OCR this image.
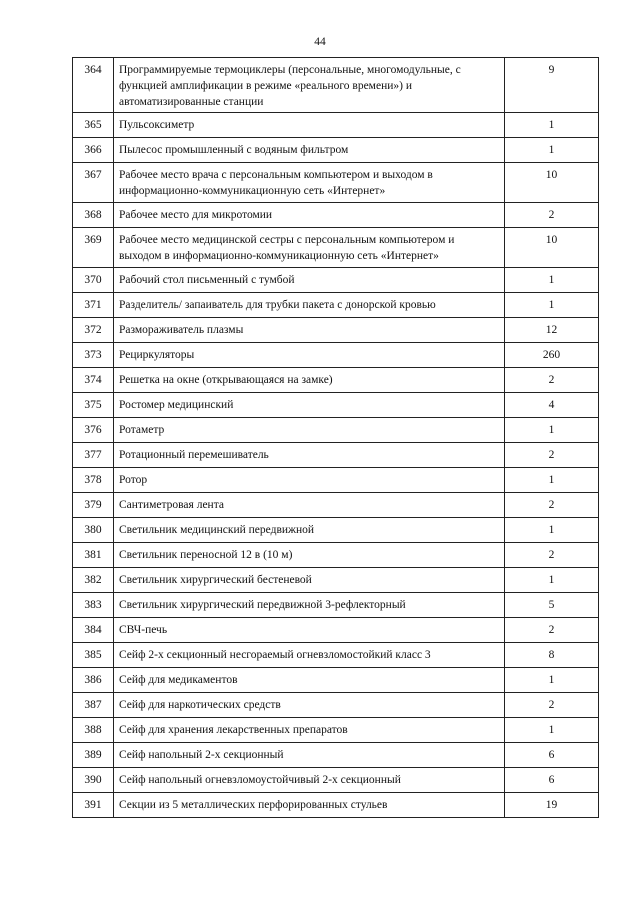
44
364	Программируемые термоциклеры (персональные, многомодульные, с функцией амплификации в режиме «реального времени») и автоматизированные станции	9
365	Пульсоксиметр	1
366	Пылесос промышленный с водяным фильтром	1
367	Рабочее место врача с персональным компьютером и выходом в информационно-коммуникационную сеть «Интернет»	10
368	Рабочее место для микротомии	2
369	Рабочее место медицинской сестры с персональным компьютером и выходом в информационно-коммуникационную сеть «Интернет»	10
370	Рабочий стол письменный с тумбой	1
371	Разделитель/ запаиватель для трубки пакета с донорской кровью	1
372	Размораживатель плазмы	12
373	Рециркуляторы	260
374	Решетка на окне (открывающаяся на замке)	2
375	Ростомер медицинский	4
376	Ротаметр	1
377	Ротационный перемешиватель	2
378	Ротор	1
379	Сантиметровая лента	2
380	Светильник медицинский передвижной	1
381	Светильник переносной 12 в (10 м)	2
382	Светильник хирургический бестеневой	1
383	Светильник хирургический передвижной 3-рефлекторный	5
384	СВЧ-печь	2
385	Сейф 2-х секционный несгораемый огневзломостойкий класс 3	8
386	Сейф для медикаментов	1
387	Сейф для наркотических средств	2
388	Сейф для хранения лекарственных препаратов	1
389	Сейф напольный 2-х секционный	6
390	Сейф напольный огневзломоустойчивый 2-х секционный	6
391	Секции из 5 металлических перфорированных стульев	19
